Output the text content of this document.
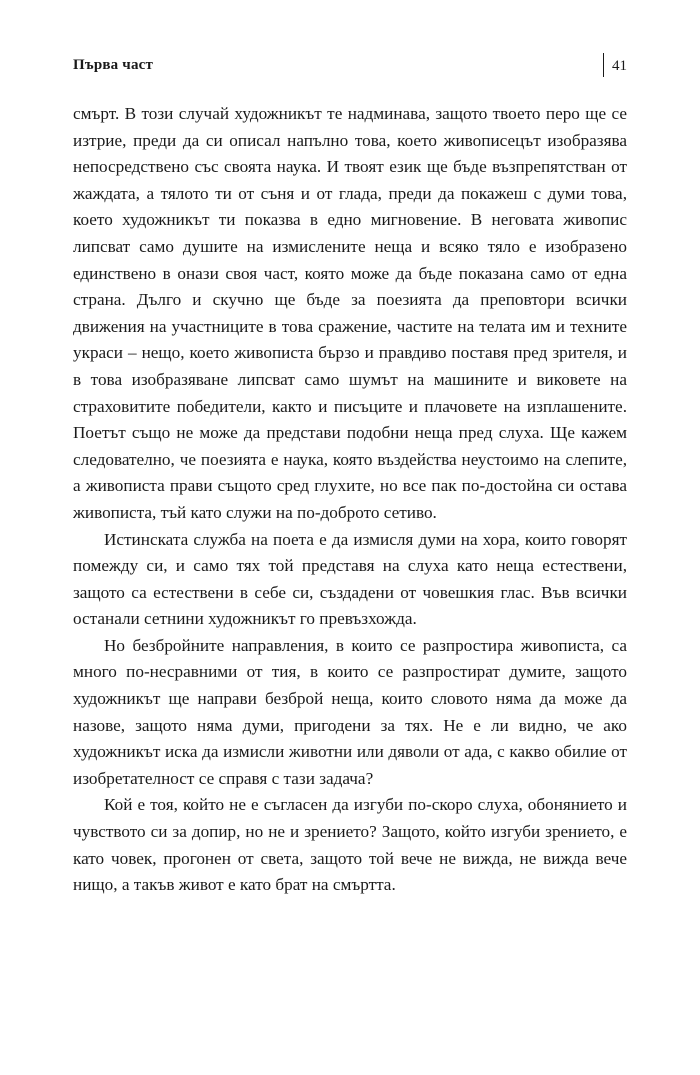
Първа част	41

смърт. В този случай художникът те надминава, защото твоето перо ще се изтрие, преди да си описал напълно това, което живописецът изобразява непосредствено със своята наука. И твоят език ще бъде възпрепятстван от жаждата, а тялото ти от съня и от глада, преди да покажеш с думи това, което художникът ти показва в едно мигновение. В неговата живопис липсват само душите на измислените неща и всяко тяло е изобразено единствено в онази своя част, която може да бъде показана само от една страна. Дълго и скучно ще бъде за поезията да преповтори всички движения на участниците в това сражение, частите на телата им и техните украси – нещо, което живописта бързо и правдиво поставя пред зрителя, и в това изобразяване липсват само шумът на машините и виковете на страховитите победители, както и писъците и плачовете на изплашените. Поетът също не може да представи подобни неща пред слуха. Ще кажем следователно, че поезията е наука, която въздейства неустоимо на слепите, а живописта прави същото сред глухите, но все пак по-достойна си остава живописта, тъй като служи на по-доброто сетиво.

Истинската служба на поета е да измисля думи на хора, които говорят помежду си, и само тях той представя на слуха като неща естествени, защото са естествени в себе си, създадени от човешкия глас. Във всички останали сетнини художникът го превъзхожда.

Но безбройните направления, в които се разпростира живописта, са много по-несравними от тия, в които се разпростират думите, защото художникът ще направи безброй неща, които словото няма да може да назове, защото няма думи, пригодени за тях. Не е ли видно, че ако художникът иска да измисли животни или дяволи от ада, с какво обилие от изобретателност се справя с тази задача?

Кой е тоя, който не е съгласен да изгуби по-скоро слуха, обонянието и чувството си за допир, но не и зрението? Защото, който изгуби зрението, е като човек, прогонен от света, защото той вече не вижда, не вижда вече нищо, а такъв живот е като брат на смъртта.
